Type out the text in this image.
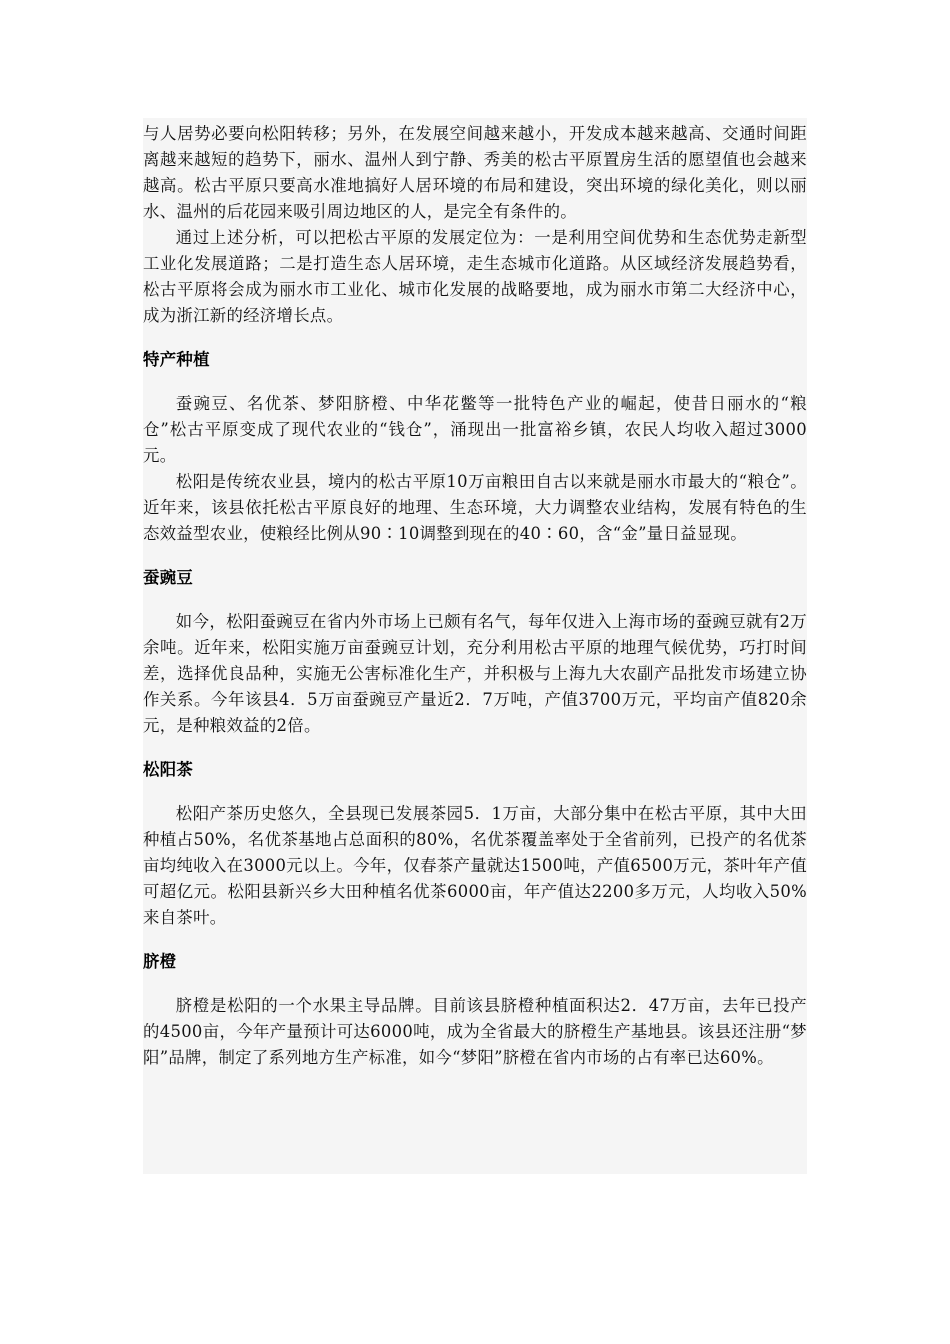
与人居势必要向松阳转移；另外，在发展空间越来越小，开发成本越来越高、交通时间距离越来越短的趋势下，丽水、温州人到宁静、秀美的松古平原置房生活的愿望值也会越来越高。松古平原只要高水准地搞好人居环境的布局和建设，突出环境的绿化美化，则以丽水、温州的后花园来吸引周边地区的人，是完全有条件的。

通过上述分析，可以把松古平原的发展定位为：一是利用空间优势和生态优势走新型工业化发展道路；二是打造生态人居环境，走生态城市化道路。从区域经济发展趋势看，松古平原将会成为丽水市工业化、城市化发展的战略要地，成为丽水市第二大经济中心，成为浙江新的经济增长点。

特产种植

蚕豌豆、名优茶、梦阳脐橙、中华花鳖等一批特色产业的崛起，使昔日丽水的“粮仓”松古平原变成了现代农业的“钱仓”，涌现出一批富裕乡镇，农民人均收入超过3000元。

松阳是传统农业县，境内的松古平原10万亩粮田自古以来就是丽水市最大的“粮仓”。近年来，该县依托松古平原良好的地理、生态环境，大力调整农业结构，发展有特色的生态效益型农业，使粮经比例从90∶10调整到现在的40∶60，含“金”量日益显现。

蚕豌豆

如今，松阳蚕豌豆在省内外市场上已颇有名气，每年仅进入上海市场的蚕豌豆就有2万余吨。近年来，松阳实施万亩蚕豌豆计划，充分利用松古平原的地理气候优势，巧打时间差，选择优良品种，实施无公害标准化生产，并积极与上海九大农副产品批发市场建立协作关系。今年该县4．5万亩蚕豌豆产量近2．7万吨，产值3700万元，平均亩产值820余元，是种粮效益的2倍。

松阳茶

松阳产茶历史悠久，全县现已发展茶园5．1万亩，大部分集中在松古平原，其中大田种植占50%，名优茶基地占总面积的80%，名优茶覆盖率处于全省前列，已投产的名优茶亩均纯收入在3000元以上。今年，仅春茶产量就达1500吨，产值6500万元，茶叶年产值可超亿元。松阳县新兴乡大田种植名优茶6000亩，年产值达2200多万元，人均收入50%来自茶叶。

脐橙

脐橙是松阳的一个水果主导品牌。目前该县脐橙种植面积达2．47万亩，去年已投产的4500亩，今年产量预计可达6000吨，成为全省最大的脐橙生产基地县。该县还注册“梦阳”品牌，制定了系列地方生产标准，如今“梦阳”脐橙在省内市场的占有率已达60%。
